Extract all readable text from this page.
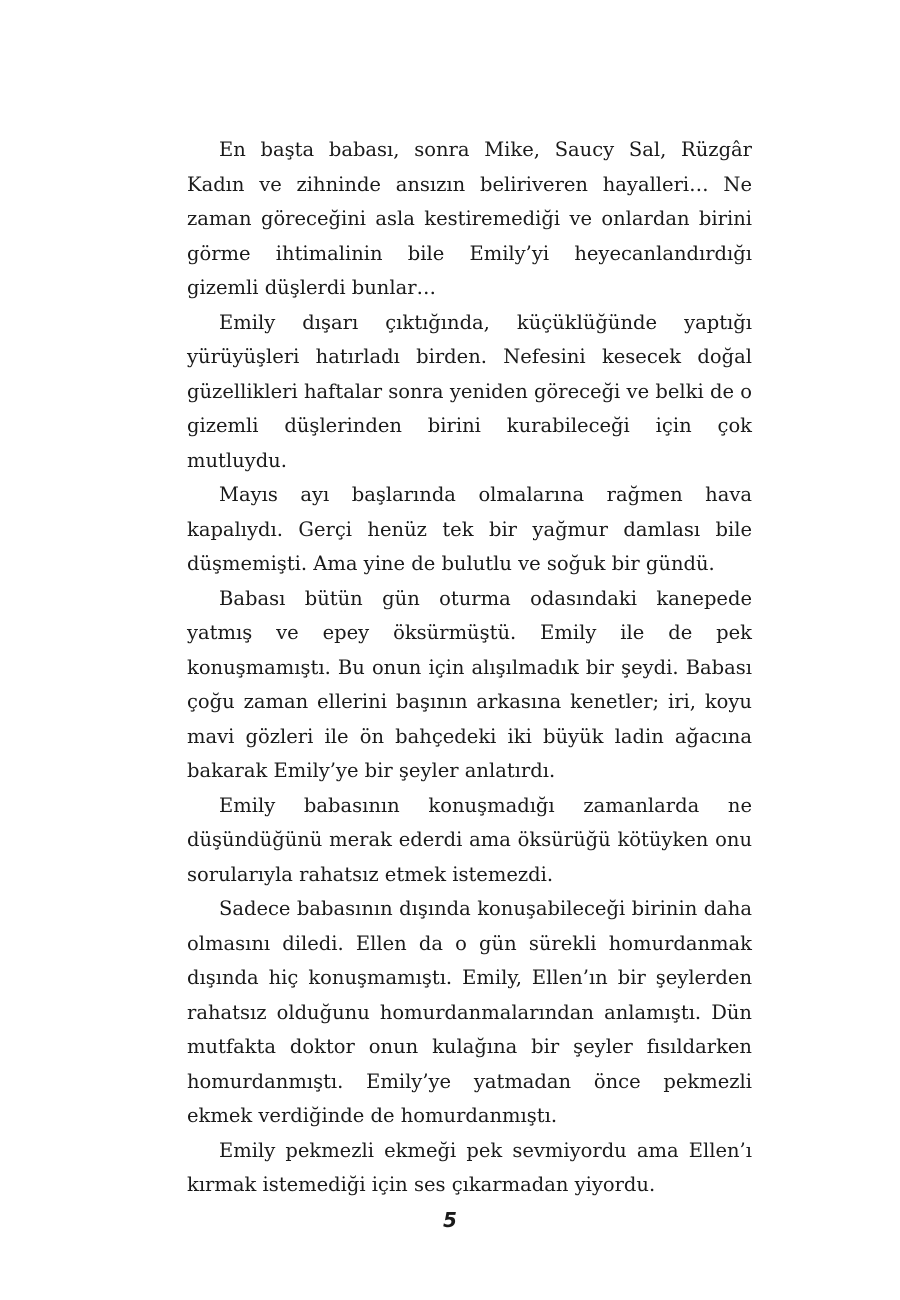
En başta babası, sonra Mike, Saucy Sal, Rüzgâr Kadın ve zihninde ansızın beliriveren hayalleri… Ne zaman göreceğini asla kestiremediği ve onlardan birini görme ihtimalinin bile Emily’yi heyecanlandırdığı gizemli düşlerdi bunlar…

Emily dışarı çıktığında, küçüklüğünde yaptığı yürüyüşleri hatırladı birden. Nefesini kesecek doğal güzellikleri haftalar sonra yeniden göreceği ve belki de o gizemli düşlerinden birini kurabileceği için çok mutluydu.

Mayıs ayı başlarında olmalarına rağmen hava kapalıydı. Gerçi henüz tek bir yağmur damlası bile düşmemişti. Ama yine de bulutlu ve soğuk bir gündü.

Babası bütün gün oturma odasındaki kanepede yatmış ve epey öksürmüştü. Emily ile de pek konuşmamıştı. Bu onun için alışılmadık bir şeydi. Babası çoğu zaman ellerini başının arkasına kenetler; iri, koyu mavi gözleri ile ön bahçedeki iki büyük ladin ağacına bakarak Emily’ye bir şeyler anlatırdı.

Emily babasının konuşmadığı zamanlarda ne düşündüğünü merak ederdi ama öksürüğü kötüyken onu sorularıyla rahatsız etmek istemezdi.

Sadece babasının dışında konuşabileceği birinin daha olmasını diledi. Ellen da o gün sürekli homurdanmak dışında hiç konuşmamıştı. Emily, Ellen’ın bir şeylerden rahatsız olduğunu homurdanmalarından anlamıştı. Dün mutfakta doktor onun kulağına bir şeyler fısıldarken homurdanmıştı. Emily’ye yatmadan önce pekmezli ekmek verdiğinde de homurdanmıştı.

Emily pekmezli ekmeği pek sevmiyordu ama Ellen’ı kırmak istemediği için ses çıkarmadan yiyordu.

5
